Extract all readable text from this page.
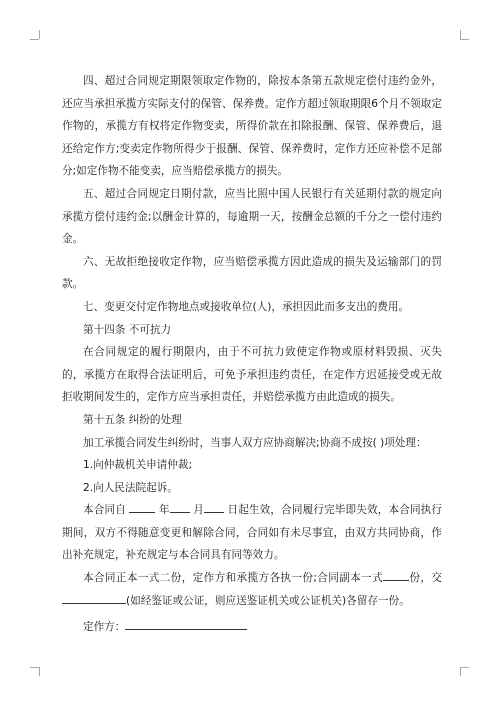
四、超过合同规定期限领取定作物的，除按本条第五款规定偿付违约金外，还应当承担承揽方实际支付的保管、保养费。定作方超过领取期限6个月不领取定作物的，承揽方有权将定作物变卖，所得价款在扣除报酬、保管、保养费后，退还给定作方;变卖定作物所得少于报酬、保管、保养费时，定作方还应补偿不足部分;如定作物不能变卖，应当赔偿承揽方的损失。

五、超过合同规定日期付款，应当比照中国人民银行有关延期付款的规定向承揽方偿付违约金;以酬金计算的，每逾期一天，按酬金总额的千分之一偿付违约金。

六、无故拒绝接收定作物，应当赔偿承揽方因此造成的损失及运输部门的罚款。

七、变更交付定作物地点或接收单位(人)，承担因此而多支出的费用。

第十四条 不可抗力

在合同规定的履行期限内，由于不可抗力致使定作物或原材料毁损、灭失的，承揽方在取得合法证明后，可免予承担违约责任，在定作方迟延接受或无故拒收期间发生的，定作方应当承担责任，并赔偿承揽方由此造成的损失。

第十五条 纠纷的处理

加工承揽合同发生纠纷时，当事人双方应协商解决;协商不成按( )项处理：

1.向仲裁机关申请仲裁;

2.向人民法院起诉。

本合同自	年 月 日起生效，合同履行完毕即失效，本合同执行期间，双方不得随意变更和解除合同，合同如有未尽事宜，由双方共同协商，作出补充规定，补充规定与本合同具有同等效力。

本合同正本一式二份，定作方和承揽方各执一份;合同副本一式 份，交(如经鉴证或公证，则应送鉴证机关或公证机关)各留存一份。

定作方：
